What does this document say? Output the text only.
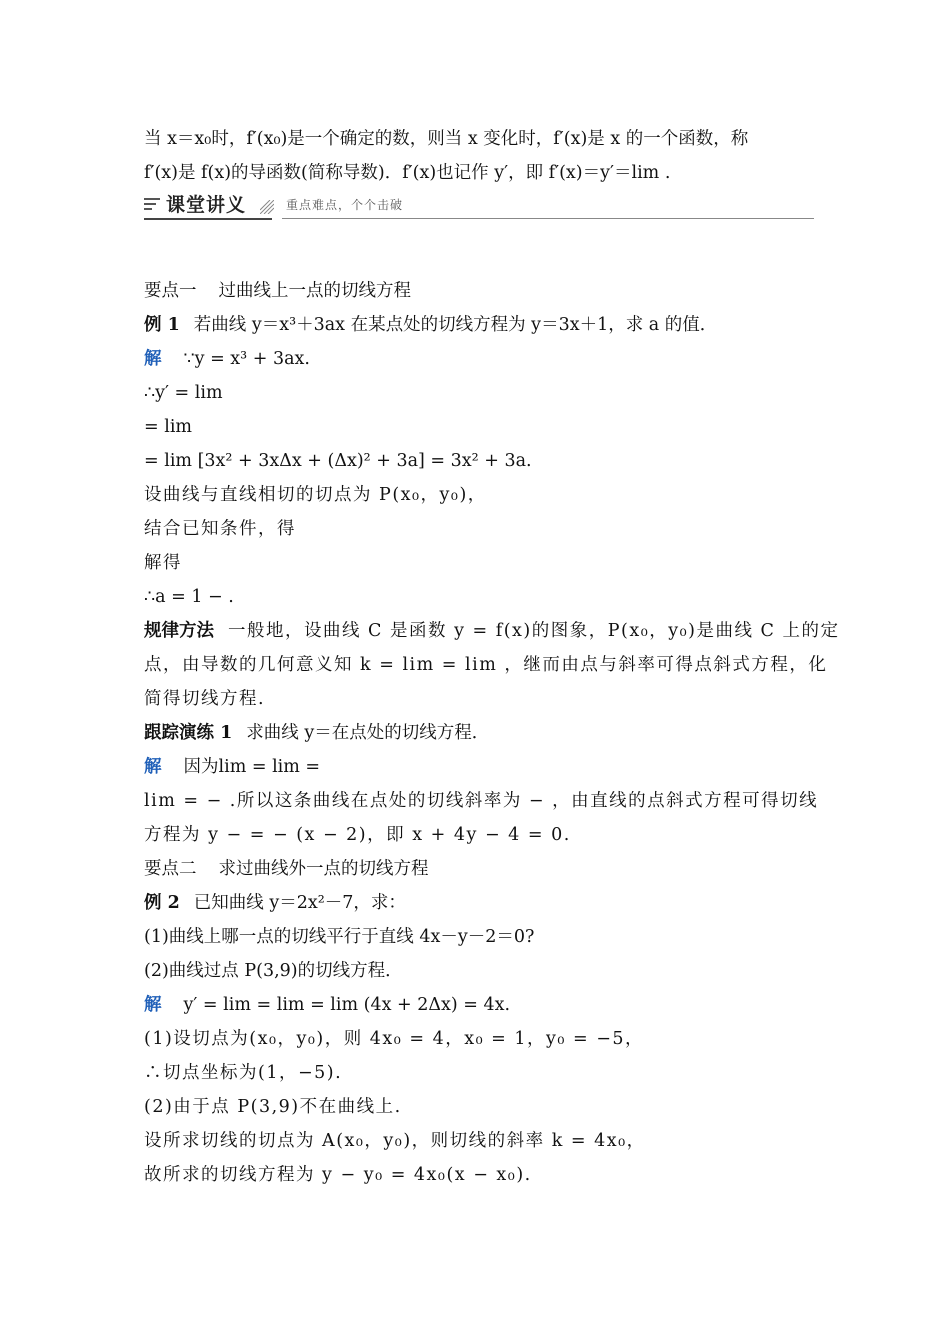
当 x＝x₀时，f′(x₀)是一个确定的数，则当 x 变化时，f′(x)是 x 的一个函数，称
f′(x)是 f(x)的导函数(简称导数)．f′(x)也记作 y′，即 f′(x)＝y′＝lim .
课堂讲义	重点难点，个个击破
要点一 过曲线上一点的切线方程
例 1 若曲线 y＝x³＋3ax 在某点处的切线方程为 y＝3x＋1，求 a 的值．
解 ∵y = x³ + 3ax.
∴y′ = lim
= lim
= lim [3x² + 3xΔx + (Δx)² + 3a] = 3x² + 3a.
设曲线与直线相切的切点为 P(x₀，y₀)，
结合已知条件，得
解得
∴a = 1 − .
规律方法 一般地，设曲线 C 是函数 y = f(x)的图象，P(x₀，y₀)是曲线 C 上的定
点，由导数的几何意义知 k = lim = lim ，继而由点与斜率可得点斜式方程，化
简得切线方程.
跟踪演练 1 求曲线 y＝在点处的切线方程．
解 因为lim = lim =
lim = − .所以这条曲线在点处的切线斜率为 − ，由直线的点斜式方程可得切线
方程为 y − = − (x − 2)，即 x + 4y − 4 = 0.
要点二 求过曲线外一点的切线方程
例 2 已知曲线 y＝2x²－7，求：
(1)曲线上哪一点的切线平行于直线 4x－y－2＝0?
(2)曲线过点 P(3,9)的切线方程．
解 y′ = lim = lim = lim (4x + 2Δx) = 4x.
(1)设切点为(x₀，y₀)，则 4x₀ = 4，x₀ = 1，y₀ = −5，
∴切点坐标为(1，−5).
(2)由于点 P(3,9)不在曲线上.
设所求切线的切点为 A(x₀，y₀)，则切线的斜率 k = 4x₀，
故所求的切线方程为 y − y₀ = 4x₀(x − x₀).
